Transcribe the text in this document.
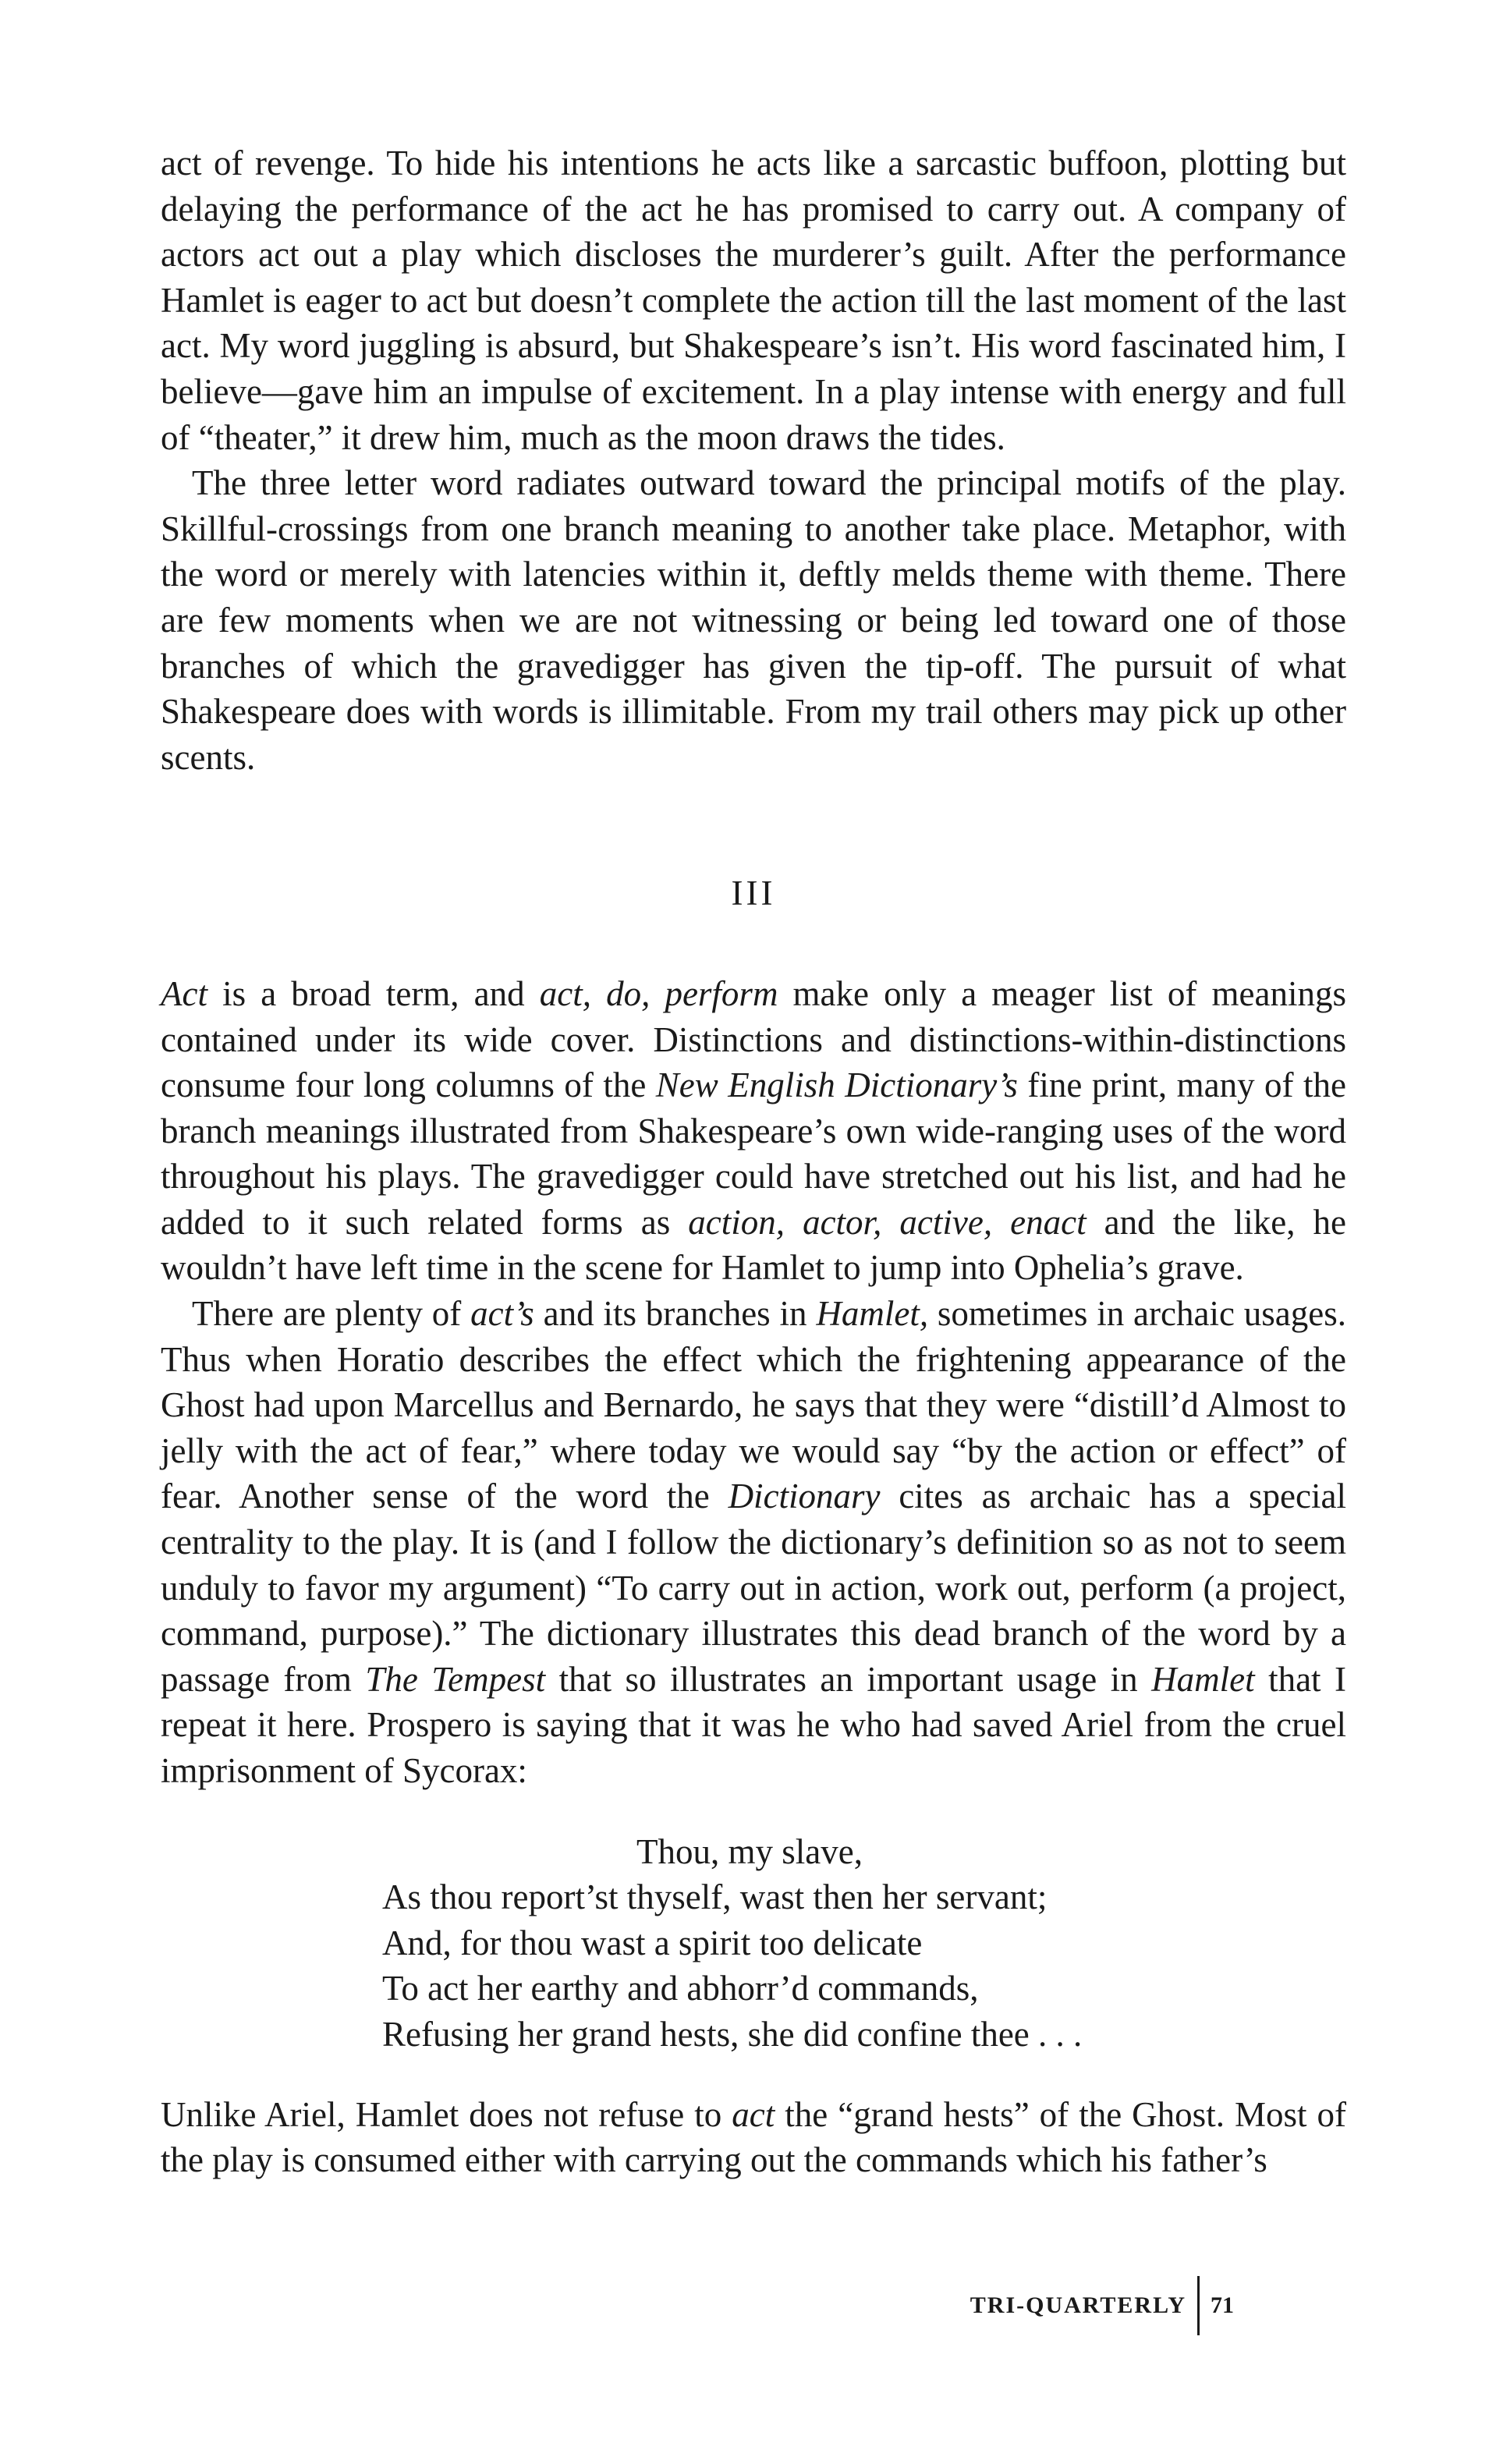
act of revenge. To hide his intentions he acts like a sarcastic buffoon, plotting but delaying the performance of the act he has promised to carry out. A company of actors act out a play which discloses the murderer’s guilt. After the performance Hamlet is eager to act but doesn’t complete the action till the last moment of the last act. My word juggling is absurd, but Shakespeare’s isn’t. His word fascinated him, I believe—gave him an impulse of excitement. In a play intense with energy and full of “theater,” it drew him, much as the moon draws the tides.

The three letter word radiates outward toward the principal motifs of the play. Skillful-crossings from one branch meaning to another take place. Metaphor, with the word or merely with latencies within it, deftly melds theme with theme. There are few moments when we are not witnessing or being led toward one of those branches of which the gravedigger has given the tip-off. The pursuit of what Shakespeare does with words is illimitable. From my trail others may pick up other scents.

III

Act is a broad term, and act, do, perform make only a meager list of meanings contained under its wide cover. Distinctions and distinctions-within-distinctions consume four long columns of the New English Dictionary’s fine print, many of the branch meanings illustrated from Shakespeare’s own wide-ranging uses of the word throughout his plays. The gravedigger could have stretched out his list, and had he added to it such related forms as action, actor, active, enact and the like, he wouldn’t have left time in the scene for Hamlet to jump into Ophelia’s grave.

There are plenty of act’s and its branches in Hamlet, sometimes in archaic usages. Thus when Horatio describes the effect which the frightening appearance of the Ghost had upon Marcellus and Bernardo, he says that they were “distill’d Almost to jelly with the act of fear,” where today we would say “by the action or effect” of fear. Another sense of the word the Dictionary cites as archaic has a special centrality to the play. It is (and I follow the dictionary’s definition so as not to seem unduly to favor my argument) “To carry out in action, work out, perform (a project, command, purpose).” The dictionary illustrates this dead branch of the word by a passage from The Tempest that so illustrates an important usage in Hamlet that I repeat it here. Prospero is saying that it was he who had saved Ariel from the cruel imprisonment of Sycorax:

Thou, my slave,
As thou report’st thyself, wast then her servant;
And, for thou wast a spirit too delicate
To act her earthy and abhorr’d commands,
Refusing her grand hests, she did confine thee . . .

Unlike Ariel, Hamlet does not refuse to act the “grand hests” of the Ghost. Most of the play is consumed either with carrying out the commands which his father’s

TRI-QUARTERLY	71
